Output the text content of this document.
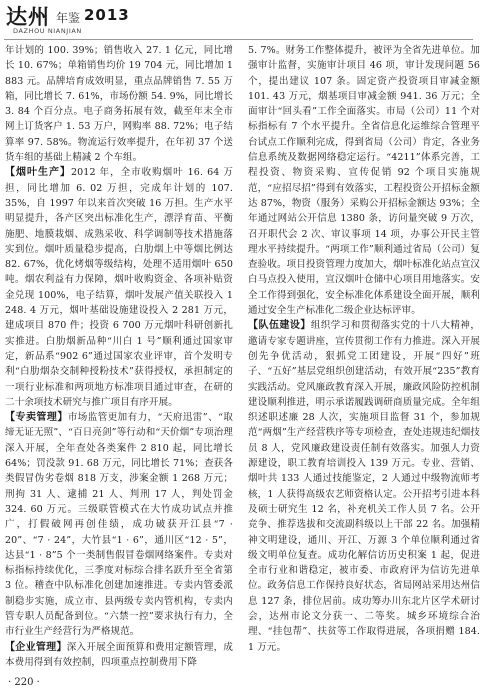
达州 年鉴 2013
DAZHOU NIANJIAN

年计划的 100. 39%；销售收入 27. 1 亿元，同比增长 10. 67%；单箱销售均价 19 704 元，同比增加 1 883 元。品牌培育成效明显，重点品牌销售 7. 55 万箱，同比增长 7. 61%，市场份额 54. 9%，同比增长 3. 84 个百分点。电子商务拓展有效，截至年末全市网上订货客户 1. 53 万户，网购率 88. 72%；电子结算率 97. 58%。物流运行效率提升，在年初 37 个送货车组的基础上精减 2 个车组。

【烟叶生产】2012 年，全市收购烟叶 16. 64 万担，同比增加 6. 02 万担，完成年计划的 107. 35%，自 1997 年以来首次突破 16 万担。生产水平明显提升，各产区突出标准化生产，漂浮育苗、平衡施肥、地膜栽烟、成熟采收、科学调制等技术措施落实到位。烟叶质量稳步提高，白肋烟上中等烟比例达 82. 67%，优化烤烟等级结构，处理不适用烟叶 650 吨。烟农利益有力保障，烟叶收购资金、各项补贴资金兑现 100%，电子结算，烟叶发展产值关联投入 1 248. 4 万元，烟叶基础设施建设投入 2 281 万元，建成项目 870 件；投资 6 700 万元烟叶科研创新扎实推进。白肋烟新品种“川白 1 号”顺利通过国家审定，新品系“902 6”通过国家农业评审，首个发明专利“白肋烟杂交制种授粉技术”获得授权，承担制定的一项行业标准和两项地方标准项目通过审查，在研的二十余项技术研究与推广项目有序开展。

【专卖管理】市场监管更加有力，“天府迅雷”、“取缔无证无照”、“百日亮剑”等行动和“天价烟”专项治理深入开展，全年查处各类案件 2 810 起，同比增长 64%；罚没款 91. 68 万元，同比增长 71%；查获各类假冒伪劣卷烟 818 万支，涉案金额 1 268 万元；刑拘 31 人、逮捕 21 人、判刑 17 人，判处罚金 324. 60 万元。三级联管模式在大竹成功试点并推广，打假破网再创佳绩，成功破获开江县“7 · 20”、“7 · 24”，大竹县“1 · 6”，通川区“12 · 5”，达县“1 · 8”5 个一类制售假冒卷烟网络案件。专卖对标指标持续优化，三季度对标综合排名跃升至全省第 3 位。稽查中队标准化创建加速推进。专卖内管委派制稳步实施，成立市、县两级专卖内管机构，专卖内管专职人员配备到位。“六禁一控”要求执行有力，全市行业生产经营行为严格规范。

【企业管理】深入开展全面预算和费用定额管理，成本费用得到有效控制，四项重点控制费用下降

5. 7%。财务工作整体提升，被评为全省先进单位。加强审计监督，实施审计项目 46 项，审计发现问题 56 个，提出建议 107 条。固定资产投资项目审减金额 101. 43 万元，烟基项目审减金额 941. 36 万元；全面审计“回头看”工作全面落实。市局（公司）11 个对标指标有 7 个水平提升。全省信息化运维综合管理平台试点工作顺利完成，得到省局（公司）肯定，各业务信息系统及数据网络稳定运行。“4211”体系完善，工程投资、物资采购、宣传促销 92 个项目实施规范，“应招尽招”得到有效落实，工程投资公开招标金额达 87%，物资（服务）采购公开招标金额达 93%；全年通过网站公开信息 1380 条，访问量突破 9 万次，召开职代会 2 次、审议事项 14 项，办事公开民主管理水平持续提升。“两项工作”顺利通过省局（公司）复查验收。项目投资管理力度加大，烟叶标准化站点宣汉白马点投入使用，宣汉烟叶仓储中心项目用地落实。安全工作得到强化，安全标准化体系建设全面开展，顺利通过安全生产标准化二级企业达标评审。

【队伍建设】组织学习和贯彻落实党的十八大精神，邀请专家专题讲座，宣传贯彻工作有力推进。深入开展创先争优活动，狠抓党工团建设，开展“四好”班子、“五好”基层党组织创建活动，有效开展“235”教育实践活动。党风廉政教育深入开展，廉政风险防控机制建设顺利推进，明示承诺履践调研商质量完成。全年组织述职述廉 28 人次，实施项目监督 31 个，参加规范“两烟”生产经营秩序等专项检查，查处违规违纪烟技员 8 人，党风廉政建设责任制有效落实。加强人力资源建设，职工教育培训投入 139 万元。专业、营销、烟叶共 133 人通过技能鉴定，2 人通过中级物流师考核，1 人获得高级农艺师资格认定。公开招考引进本科及硕士研究生 12 名，补充机关工作人员 7 名。公开竞争、推荐选拔和交流副科级以上干部 22 名。加强精神文明建设，通川、开江、万源 3 个单位顺利通过省级文明单位复查。成功化解信访历史积案 1 起，促进全市行业和谐稳定，被市委、市政府评为信访先进单位。政务信息工作保持良好状态，省局网站采用达州信息 127 条，排位居前。成功筹办川东北片区学术研讨会，达州市论文分获一、二等奖。城乡环境综合治理、“挂包帮”、扶贫等工作取得进展，各项捐赠 184. 1 万元。

· 220 ·
